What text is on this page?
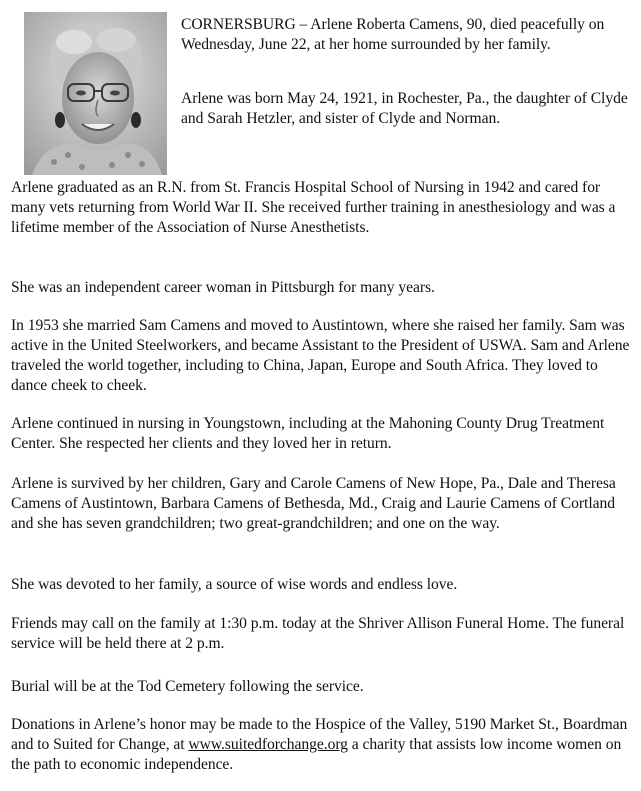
CORNERSBURG – Arlene Roberta Camens, 90, died peacefully on Wednesday, June 22, at her home surrounded by her family.

Arlene was born May 24, 1921, in Rochester, Pa., the daughter of Clyde and Sarah Hetzler, and sister of Clyde and Norman.

Arlene graduated as an R.N. from St. Francis Hospital School of Nursing in 1942 and cared for many vets returning from World War II. She received further training in anesthesiology and was a lifetime member of the Association of Nurse Anesthetists.

She was an independent career woman in Pittsburgh for many years.

In 1953 she married Sam Camens and moved to Austintown, where she raised her family. Sam was active in the United Steelworkers, and became Assistant to the President of USWA. Sam and Arlene traveled the world together, including to China, Japan, Europe and South Africa. They loved to dance cheek to cheek.

Arlene continued in nursing in Youngstown, including at the Mahoning County Drug Treatment Center. She respected her clients and they loved her in return.

Arlene is survived by her children, Gary and Carole Camens of New Hope, Pa., Dale and Theresa Camens of Austintown, Barbara Camens of Bethesda, Md., Craig and Laurie Camens of Cortland and she has seven grandchildren; two great-grandchildren; and one on the way.

She was devoted to her family, a source of wise words and endless love.

Friends may call on the family at 1:30 p.m. today at the Shriver Allison Funeral Home. The funeral service will be held there at 2 p.m.

Burial will be at the Tod Cemetery following the service.

Donations in Arlene’s honor may be made to the Hospice of the Valley, 5190 Market St., Boardman and to Suited for Change, at www.suitedforchange.org a charity that assists low income women on the path to economic independence.
